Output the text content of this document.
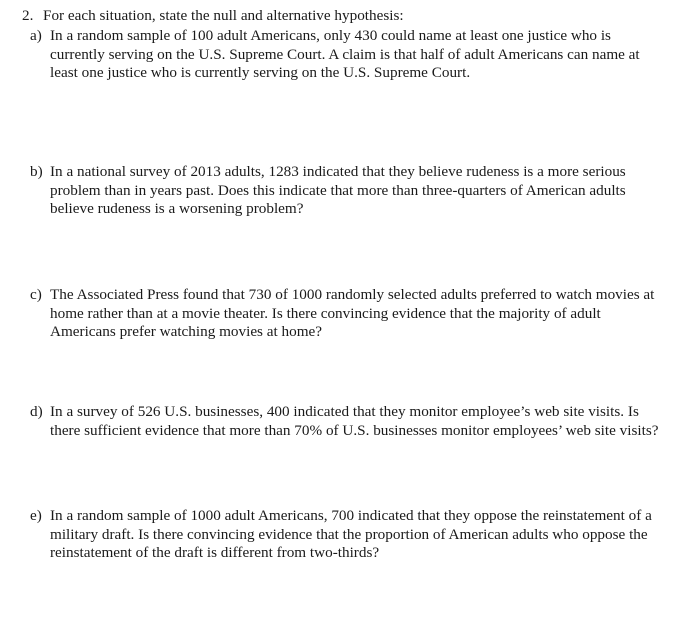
2. For each situation, state the null and alternative hypothesis:
a) In a random sample of 100 adult Americans, only 430 could name at least one justice who is
currently serving on the U.S. Supreme Court. A claim is that half of adult Americans can name at
least one justice who is currently serving on the U.S. Supreme Court.
b) In a national survey of 2013 adults, 1283 indicated that they believe rudeness is a more serious
problem than in years past. Does this indicate that more than three-quarters of American adults
believe rudeness is a worsening problem?
c) The Associated Press found that 730 of 1000 randomly selected adults preferred to watch movies at
home rather than at a movie theater. Is there convincing evidence that the majority of adult
Americans prefer watching movies at home?
d) In a survey of 526 U.S. businesses, 400 indicated that they monitor employee’s web site visits. Is
there sufficient evidence that more than 70% of U.S. businesses monitor employees’ web site visits?
e) In a random sample of 1000 adult Americans, 700 indicated that they oppose the reinstatement of a
military draft. Is there convincing evidence that the proportion of American adults who oppose the
reinstatement of the draft is different from two-thirds?
